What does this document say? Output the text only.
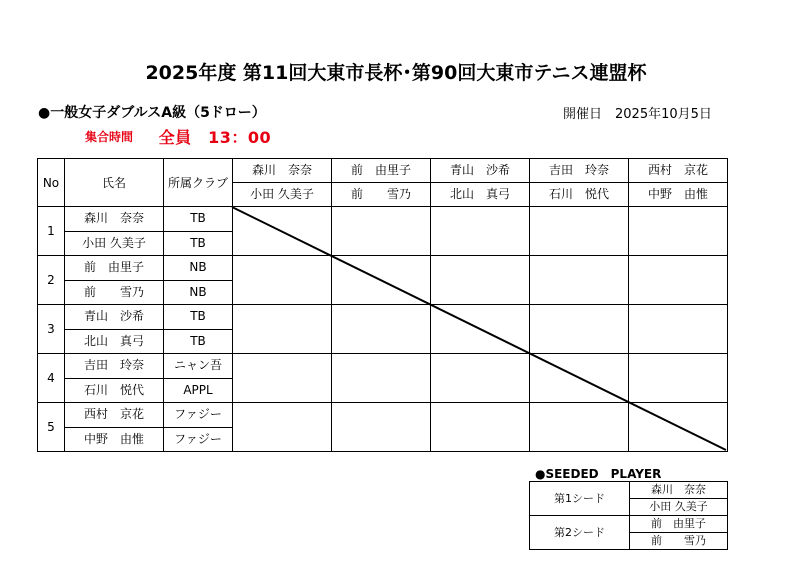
2025年度 第11回大東市長杯･第90回大東市テニス連盟杯
●一般女子ダブルスA級（5ドロー）	開催日　2025年10月5日
集合時間 全員　13：00
No	氏名	所属クラブ	森川　奈奈	前　由里子	青山　沙希	吉田　玲奈	西村　京花
			小田 久美子	前　　雪乃	北山　真弓	石川　悦代	中野　由惟
1	森川　奈奈	TB					
	小田 久美子	TB					
2	前　由里子	NB					
	前　　雪乃	NB					
3	青山　沙希	TB					
	北山　真弓	TB					
4	吉田　玲奈	ニャン吾					
	石川　悦代	APPL					
5	西村　京花	ファジー					
	中野　由惟	ファジー					
●SEEDED　PLAYER
第1シード	森川　奈奈
	小田 久美子
第2シード	前　由里子
	前　　雪乃
